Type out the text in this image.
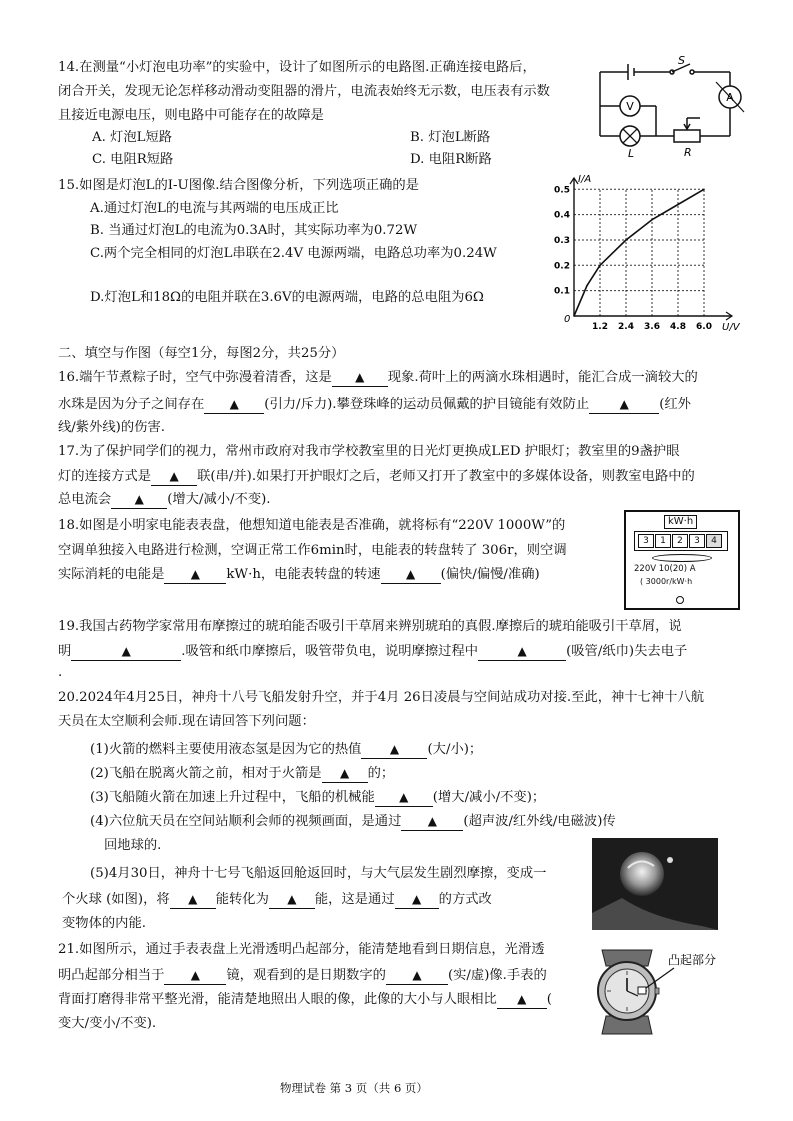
14.在测量“小灯泡电功率”的实验中，设计了如图所示的电路图.正确连接电路后，
闭合开关，发现无论怎样移动滑动变阻器的滑片，电流表始终无示数，电压表有示数
且接近电源电压，则电路中可能存在的故障是
A. 灯泡L短路	B. 灯泡L断路
C. 电阻R短路	D. 电阻R断路
V
A
S
L	R
15.如图是灯泡L的I-U图像.结合图像分析，下列选项正确的是
A.通过灯泡L的电流与其两端的电压成正比
B. 当通过灯泡L的电流为0.3A时，其实际功率为0.72W
C.两个完全相同的灯泡L串联在2.4V 电源两端，电路总功率为0.24W
D.灯泡L和18Ω的电阻并联在3.6V的电源两端，电路的总电阻为6Ω
1.2 2.4 3.6 4.8 6.0
0.1
0.2
0.3
0.4
0.5
0
I/A
U/V
二、填空与作图（每空1分，每图2分，共25分）
16.端午节煮粽子时，空气中弥漫着清香，这是 ▲ 现象.荷叶上的两滴水珠相遇时，能汇合成一滴较大的
水珠是因为分子之间存在 ▲ (引力/斥力).攀登珠峰的运动员佩戴的护目镜能有效防止	▲ (红外
线/紫外线)的伤害.
17.为了保护同学们的视力，常州市政府对我市学校教室里的日光灯更换成LED 护眼灯；教室里的9盏护眼
灯的连接方式是 ▲ 联(串/并).如果打开护眼灯之后，老师又打开了教室中的多媒体设备，则教室电路中的
总电流会 ▲ (增大/减小/不变).
18.如图是小明家电能表表盘，他想知道电能表是否准确，就将标有“220V 1000W”的
空调单独接入电路进行检测，空调正常工作6min时，电能表的转盘转了 306r，则空调
实际消耗的电能是 ▲ kW·h，电能表转盘的转速 ▲ (偏快/偏慢/准确)
kW·h
3	1	2	3	4
220V 10(20) A
( 3000r/kW·h
19.我国古药物学家常用布摩擦过的琥珀能否吸引干草屑来辨别琥珀的真假.摩擦后的琥珀能吸引干草屑，说
明	▲	.吸管和纸巾摩擦后，吸管带负电，说明摩擦过程中	▲	(吸管/纸巾)失去电子
.
20.2024年4月25日，神舟十八号飞船发射升空，并于4月 26日凌晨与空间站成功对接.至此，神十七神十八航
天员在太空顺利会师.现在请回答下列问题：
(1)火箭的燃料主要使用液态氢是因为它的热值 ▲ (大/小)；
(2)飞船在脱离火箭之前，相对于火箭是 ▲ 的；
(3)飞船随火箭在加速上升过程中，飞船的机械能 ▲ (增大/减小/不变)；
(4)六位航天员在空间站顺利会师的视频画面，是通过 ▲ (超声波/红外线/电磁波)传
回地球的.
(5)4月30日，神舟十七号飞船返回舱返回时，与大气层发生剧烈摩擦，变成一
个火球 (如图)，将 ▲ 能转化为 ▲ 能，这是通过 ▲ 的方式改
变物体的内能.
21.如图所示，通过手表表盘上光滑透明凸起部分，能清楚地看到日期信息，光滑透
明凸起部分相当于 ▲ 镜，观看到的是日期数字的 ▲ (实/虚)像.手表的
背面打磨得非常平整光滑，能清楚地照出人眼的像，此像的大小与人眼相比 ▲ (
变大/变小/不变).
凸起部分
物理试卷 第 3 页（共 6 页）
